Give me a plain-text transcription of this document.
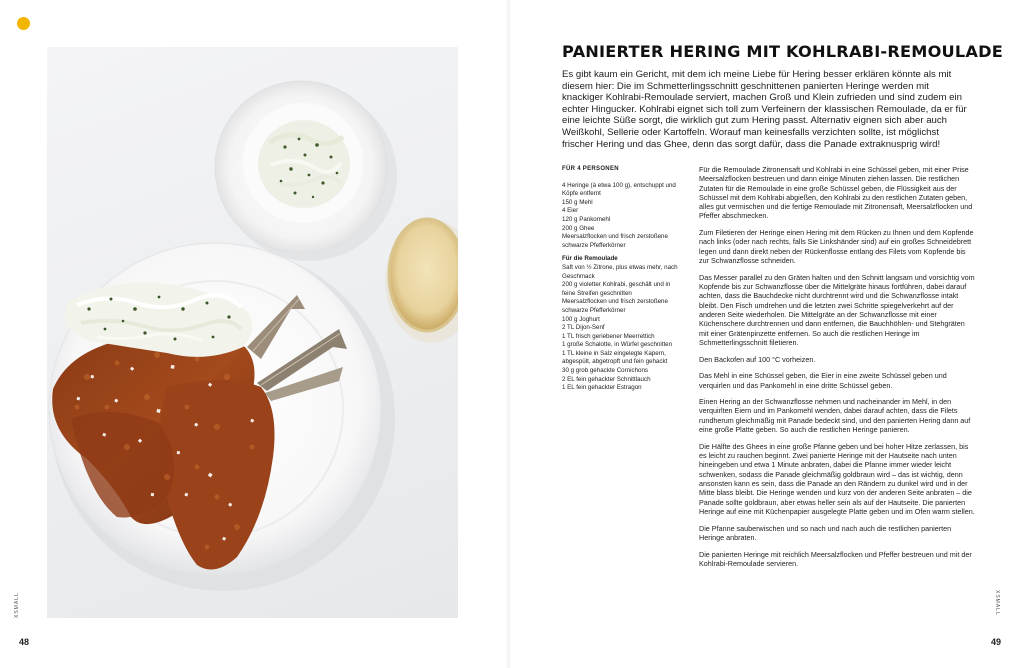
XSMALL
48
PANIERTER HERING MIT KOHLRABI-REMOULADE
Es gibt kaum ein Gericht, mit dem ich meine Liebe für Hering besser erklären könnte als mit diesem hier: Die im Schmetterlingsschnitt geschnittenen panierten Heringe werden mit knackiger Kohlrabi-Remoulade serviert, machen Groß und Klein zufrieden und sind zudem ein echter Hingucker. Kohlrabi eignet sich toll zum Verfeinern der klassischen Remoulade, da er für eine leichte Süße sorgt, die wirklich gut zum Hering passt. Alternativ eignen sich aber auch Weißkohl, Sellerie oder Kartoffeln. Worauf man keinesfalls verzichten sollte, ist möglichst frischer Hering und das Ghee, denn das sorgt dafür, dass die Panade extraknusprig wird!
FÜR 4 PERSONEN
4 Heringe (à etwa 100 g), entschuppt und Köpfe entfernt
150 g Mehl
4 Eier
120 g Pankomehl
200 g Ghee
Meersalzflocken und frisch zerstoßene schwarze Pfefferkörner
Für die Remoulade
Saft von ½ Zitrone, plus etwas mehr, nach Geschmack
200 g violetter Kohlrabi, geschält und in feine Streifen geschnitten
Meersalzflocken und frisch zerstoßene schwarze Pfefferkörner
100 g Joghurt
2 TL Dijon-Senf
1 TL frisch geriebener Meerrettich
1 große Schalotte, in Würfel geschnitten
1 TL kleine in Salz eingelegte Kapern, abgespült, abgetropft und fein gehackt
30 g grob gehackte Cornichons
2 EL fein gehackter Schnittlauch
1 EL fein gehackter Estragon

Für die Remoulade Zitronensaft und Kohlrabi in eine Schüssel geben, mit einer Prise Meersalzflocken bestreuen und dann einige Minuten ziehen lassen. Die restlichen Zutaten für die Remoulade in eine große Schüssel geben, die Flüssigkeit aus der Schüssel mit dem Kohlrabi abgießen, den Kohlrabi zu den restlichen Zutaten geben, alles gut vermischen und die fertige Remoulade mit Zitronensaft, Meersalzflocken und Pfeffer abschmecken.

Zum Filetieren der Heringe einen Hering mit dem Rücken zu Ihnen und dem Kopfende nach links (oder nach rechts, falls Sie Linkshänder sind) auf ein großes Schneidebrett legen und dann direkt neben der Rückenflosse entlang des Filets vom Kopfende bis zur Schwanzflosse schneiden.

Das Messer parallel zu den Gräten halten und den Schnitt langsam und vorsichtig vom Kopfende bis zur Schwanzflosse über die Mittelgräte hinaus fortführen, dabei darauf achten, dass die Bauchdecke nicht durchtrennt wird und die Schwanzflosse intakt bleibt. Den Fisch umdrehen und die letzten zwei Schritte spiegelverkehrt auf der anderen Seite wiederholen. Die Mittelgräte an der Schwanzflosse mit einer Küchenschere durchtrennen und dann entfernen, die Bauchhöhlen- und Stehgräten mit einer Grätenpinzette entfernen. So auch die restlichen Heringe im Schmetterlingsschnitt filetieren.

Den Backofen auf 100 °C vorheizen.

Das Mehl in eine Schüssel geben, die Eier in eine zweite Schüssel geben und verquirlen und das Pankomehl in eine dritte Schüssel geben.

Einen Hering an der Schwanzflosse nehmen und nacheinander im Mehl, in den verquirlten Eiern und im Pankomehl wenden, dabei darauf achten, dass die Filets rundherum gleichmäßig mit Panade bedeckt sind, und den panierten Hering dann auf eine große Platte geben. So auch die restlichen Heringe panieren.

Die Hälfte des Ghees in eine große Pfanne geben und bei hoher Hitze zerlassen, bis es leicht zu rauchen beginnt. Zwei panierte Heringe mit der Hautseite nach unten hineingeben und etwa 1 Minute anbraten, dabei die Pfanne immer wieder leicht schwenken, sodass die Panade gleichmäßig goldbraun wird – das ist wichtig, denn ansonsten kann es sein, dass die Panade an den Rändern zu dunkel wird und in der Mitte blass bleibt. Die Heringe wenden und kurz von der anderen Seite anbraten – die Panade sollte goldbraun, aber etwas heller sein als auf der Hautseite. Die panierten Heringe auf eine mit Küchenpapier ausgelegte Platte geben und im Ofen warm stellen.

Die Pfanne sauberwischen und so nach und nach auch die restlichen panierten Heringe anbraten.

Die panierten Heringe mit reichlich Meersalzflocken und Pfeffer bestreuen und mit der Kohlrabi-Remoulade servieren.

XSMALL
49
